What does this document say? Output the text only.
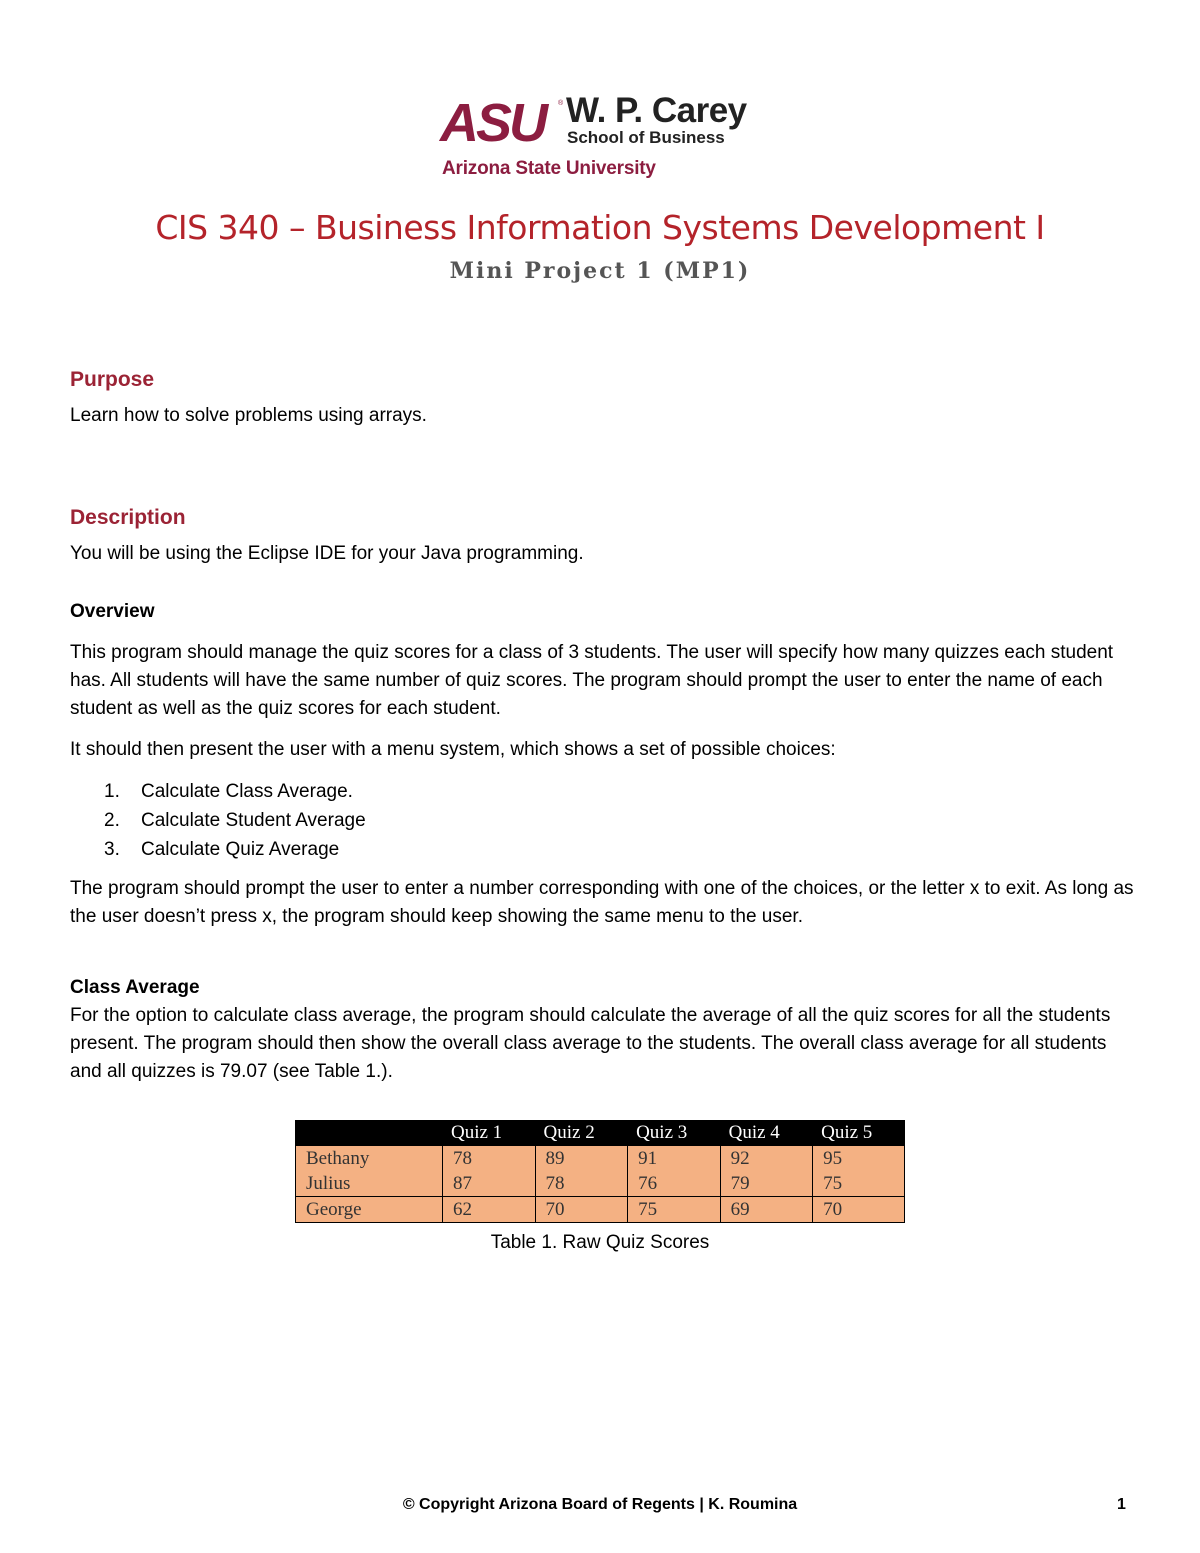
ASU ® W. P. Carey
School of Business
Arizona State University
CIS 340 – Business Information Systems Development I
Mini Project 1 (MP1)
Purpose
Learn how to solve problems using arrays.
Description
You will be using the Eclipse IDE for your Java programming.
Overview
This program should manage the quiz scores for a class of 3 students. The user will specify how many quizzes each student has. All students will have the same number of quiz scores. The program should prompt the user to enter the name of each student as well as the quiz scores for each student.
It should then present the user with a menu system, which shows a set of possible choices:
1. Calculate Class Average.
2. Calculate Student Average
3. Calculate Quiz Average
The program should prompt the user to enter a number corresponding with one of the choices, or the letter x to exit. As long as the user doesn’t press x, the program should keep showing the same menu to the user.
Class Average
For the option to calculate class average, the program should calculate the average of all the quiz scores for all the students present. The program should then show the overall class average to the students. The overall class average for all students and all quizzes is 79.07 (see Table 1.).
	Quiz 1	Quiz 2	Quiz 3	Quiz 4	Quiz 5
Bethany	78	89	91	92	95
Julius	87	78	76	79	75
George	62	70	75	69	70
Table 1. Raw Quiz Scores
© Copyright Arizona Board of Regents | K. Roumina	1
